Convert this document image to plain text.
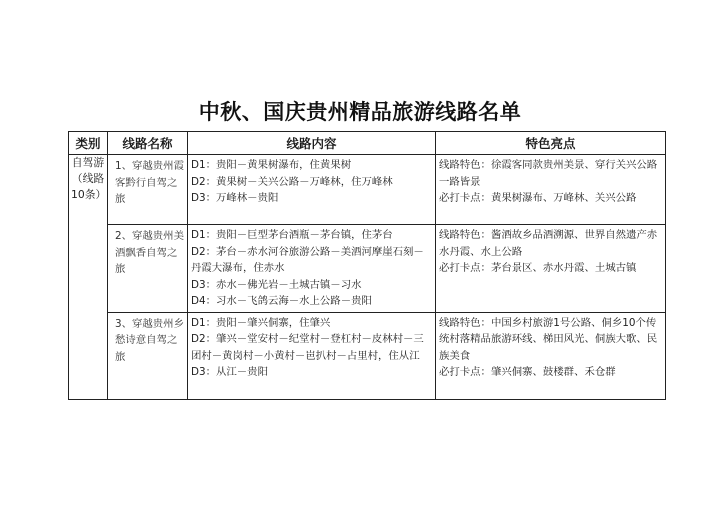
中秋、国庆贵州精品旅游线路名单
类别	线路名称	线路内容	特色亮点

自驾游（线路10条）	1、穿越贵州霞客黔行自驾之旅	D1：贵阳－黄果树瀑布，住黄果树
D2：黄果树－关兴公路－万峰林，住万峰林
D3：万峰林－贵阳	线路特色：徐霞客同款贵州美景、穿行关兴公路一路皆景
必打卡点：黄果树瀑布、万峰林、关兴公路

	2、穿越贵州美酒飘香自驾之旅	D1：贵阳－巨型茅台酒瓶－茅台镇，住茅台
D2：茅台－赤水河谷旅游公路－美酒河摩崖石刻－丹霞大瀑布，住赤水
D3：赤水－佛光岩－土城古镇－习水
D4：习水－飞鸽云海－水上公路－贵阳	线路特色：酱酒故乡品酒溯源、世界自然遗产赤水丹霞、水上公路
必打卡点：茅台景区、赤水丹霞、土城古镇

	3、穿越贵州乡愁诗意自驾之旅	D1：贵阳－肇兴侗寨，住肇兴
D2：肇兴－堂安村－纪堂村－登杠村－皮林村－三团村－黄岗村－小黄村－岜扒村－占里村，住从江
D3：从江－贵阳	线路特色：中国乡村旅游1号公路、侗乡10个传统村落精品旅游环线、梯田风光、侗族大歌、民族美食
必打卡点：肇兴侗寨、鼓楼群、禾仓群
